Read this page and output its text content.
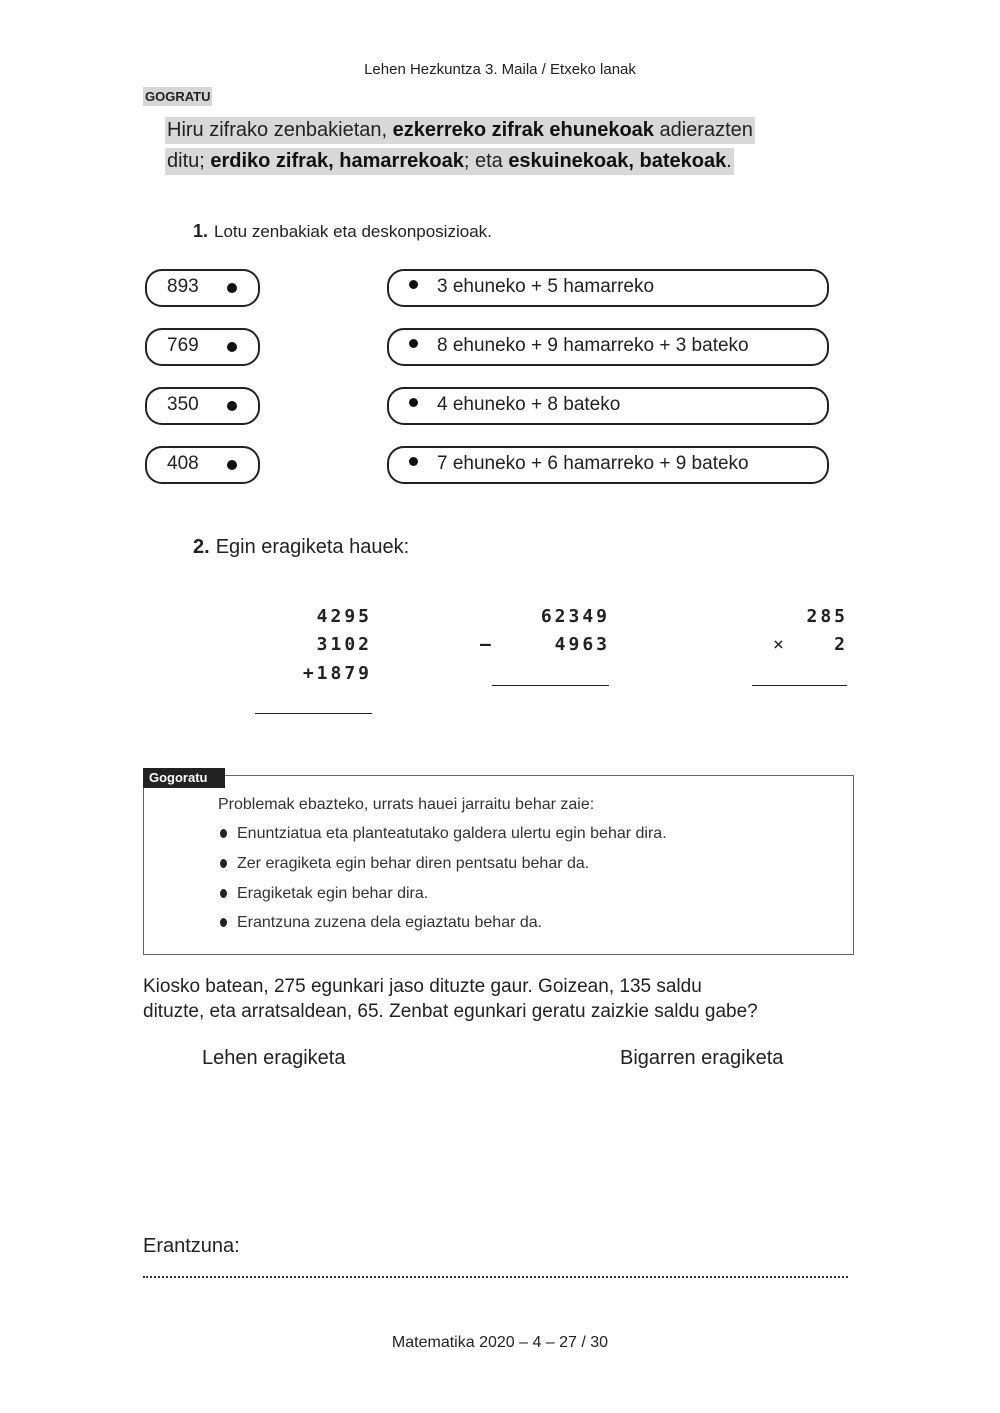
Lehen Hezkuntza 3. Maila / Etxeko lanak
GOGRATU
Hiru zifrako zenbakietan, ezkerreko zifrak ehunekoak adierazten
ditu; erdiko zifrak, hamarrekoak; eta eskuinekoak, batekoak.
1. Lotu zenbakiak eta deskonposizioak.
893
769
350
408
3 ehuneko + 5 hamarreko
8 ehuneko + 9 hamarreko + 3 bateko
4 ehuneko + 8 bateko
7 ehuneko + 6 hamarreko + 9 bateko
2. Egin eragiketa hauek:
4295
3102
+1879
62349
—	4963
285
×	2
Gogoratu
Problemak ebazteko, urrats hauei jarraitu behar zaie:
Enuntziatua eta planteatutako galdera ulertu egin behar dira.
Zer eragiketa egin behar diren pentsatu behar da.
Eragiketak egin behar dira.
Erantzuna zuzena dela egiaztatu behar da.
Kiosko batean, 275 egunkari jaso dituzte gaur. Goizean, 135 saldu
dituzte, eta arratsaldean, 65. Zenbat egunkari geratu zaizkie saldu gabe?
Lehen eragiketa	Bigarren eragiketa
Erantzuna:
Matematika 2020 – 4 – 27 / 30
